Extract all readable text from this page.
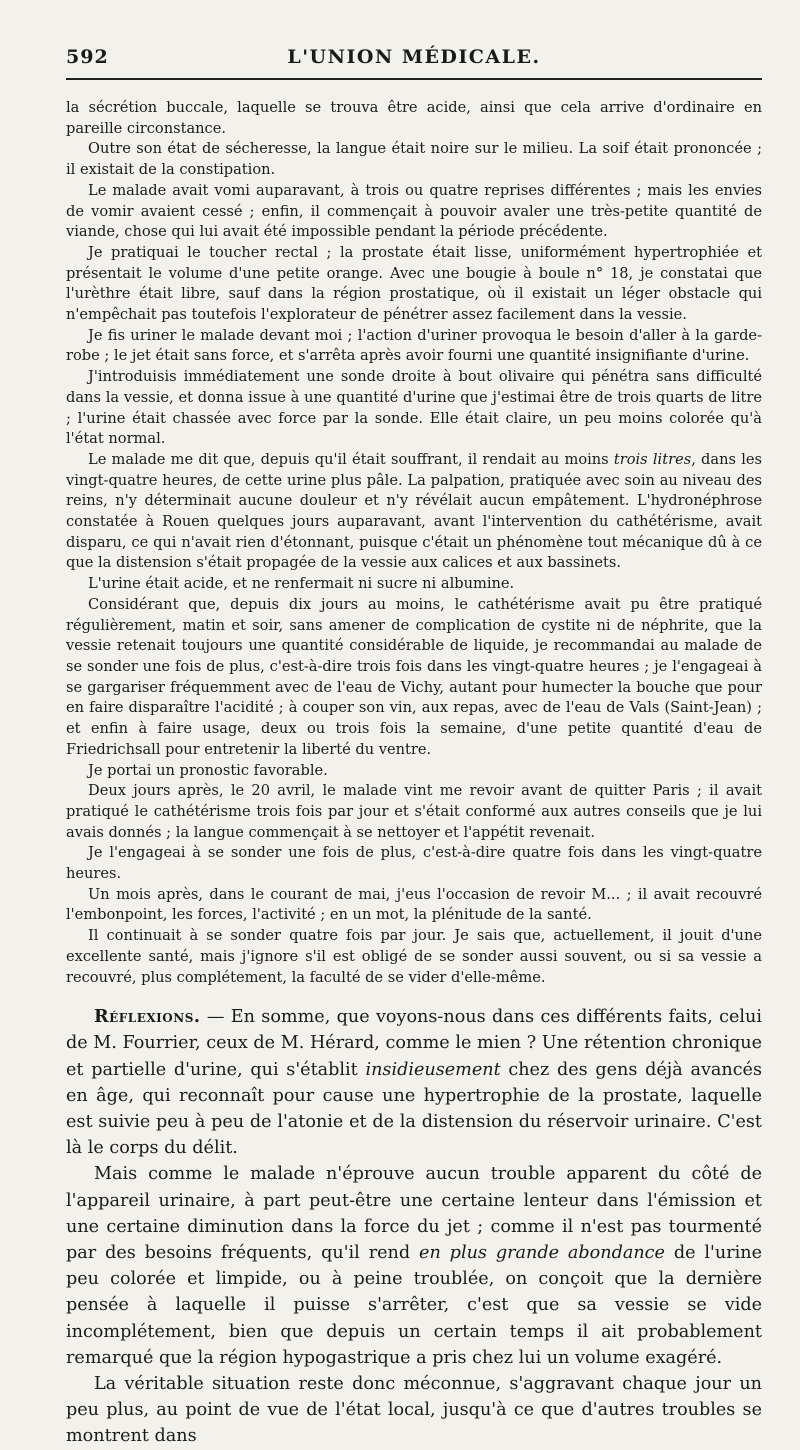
592	L'UNION MÉDICALE.

la sécrétion buccale, laquelle se trouva être acide, ainsi que cela arrive d'ordinaire en pareille circonstance.

Outre son état de sécheresse, la langue était noire sur le milieu. La soif était prononcée ; il existait de la constipation.

Le malade avait vomi auparavant, à trois ou quatre reprises différentes ; mais les envies de vomir avaient cessé ; enfin, il commençait à pouvoir avaler une très-petite quantité de viande, chose qui lui avait été impossible pendant la période précédente.

Je pratiquai le toucher rectal ; la prostate était lisse, uniformément hypertrophiée et présentait le volume d'une petite orange. Avec une bougie à boule n° 18, je constatai que l'urèthre était libre, sauf dans la région prostatique, où il existait un léger obstacle qui n'empêchait pas toutefois l'explorateur de pénétrer assez facilement dans la vessie.

Je fis uriner le malade devant moi ; l'action d'uriner provoqua le besoin d'aller à la garde-robe ; le jet était sans force, et s'arrêta après avoir fourni une quantité insignifiante d'urine.

J'introduisis immédiatement une sonde droite à bout olivaire qui pénétra sans difficulté dans la vessie, et donna issue à une quantité d'urine que j'estimai être de trois quarts de litre ; l'urine était chassée avec force par la sonde. Elle était claire, un peu moins colorée qu'à l'état normal.

Le malade me dit que, depuis qu'il était souffrant, il rendait au moins trois litres, dans les vingt-quatre heures, de cette urine plus pâle. La palpation, pratiquée avec soin au niveau des reins, n'y déterminait aucune douleur et n'y révélait aucun empâtement. L'hydronéphrose constatée à Rouen quelques jours auparavant, avant l'intervention du cathétérisme, avait disparu, ce qui n'avait rien d'étonnant, puisque c'était un phénomène tout mécanique dû à ce que la distension s'était propagée de la vessie aux calices et aux bassinets.

L'urine était acide, et ne renfermait ni sucre ni albumine.

Considérant que, depuis dix jours au moins, le cathétérisme avait pu être pratiqué régulièrement, matin et soir, sans amener de complication de cystite ni de néphrite, que la vessie retenait toujours une quantité considérable de liquide, je recommandai au malade de se sonder une fois de plus, c'est-à-dire trois fois dans les vingt-quatre heures ; je l'engageai à se gargariser fréquemment avec de l'eau de Vichy, autant pour humecter la bouche que pour en faire disparaître l'acidité ; à couper son vin, aux repas, avec de l'eau de Vals (Saint-Jean) ; et enfin à faire usage, deux ou trois fois la semaine, d'une petite quantité d'eau de Friedrichsall pour entretenir la liberté du ventre.

Je portai un pronostic favorable.

Deux jours après, le 20 avril, le malade vint me revoir avant de quitter Paris ; il avait pratiqué le cathétérisme trois fois par jour et s'était conformé aux autres conseils que je lui avais donnés ; la langue commençait à se nettoyer et l'appétit revenait.

Je l'engageai à se sonder une fois de plus, c'est-à-dire quatre fois dans les vingt-quatre heures.

Un mois après, dans le courant de mai, j'eus l'occasion de revoir M... ; il avait recouvré l'embonpoint, les forces, l'activité ; en un mot, la plénitude de la santé.

Il continuait à se sonder quatre fois par jour. Je sais que, actuellement, il jouit d'une excellente santé, mais j'ignore s'il est obligé de se sonder aussi souvent, ou si sa vessie a recouvré, plus complétement, la faculté de se vider d'elle-même.

Réflexions. — En somme, que voyons-nous dans ces différents faits, celui de M. Fourrier, ceux de M. Hérard, comme le mien ? Une rétention chronique et partielle d'urine, qui s'établit insidieusement chez des gens déjà avancés en âge, qui reconnaît pour cause une hypertrophie de la prostate, laquelle est suivie peu à peu de l'atonie et de la distension du réservoir urinaire. C'est là le corps du délit.

Mais comme le malade n'éprouve aucun trouble apparent du côté de l'appareil urinaire, à part peut-être une certaine lenteur dans l'émission et une certaine diminution dans la force du jet ; comme il n'est pas tourmenté par des besoins fréquents, qu'il rend en plus grande abondance de l'urine peu colorée et limpide, ou à peine troublée, on conçoit que la dernière pensée à laquelle il puisse s'arrêter, c'est que sa vessie se vide incomplétement, bien que depuis un certain temps il ait probablement remarqué que la région hypogastrique a pris chez lui un volume exagéré.

La véritable situation reste donc méconnue, s'aggravant chaque jour un peu plus, au point de vue de l'état local, jusqu'à ce que d'autres troubles se montrent dans
